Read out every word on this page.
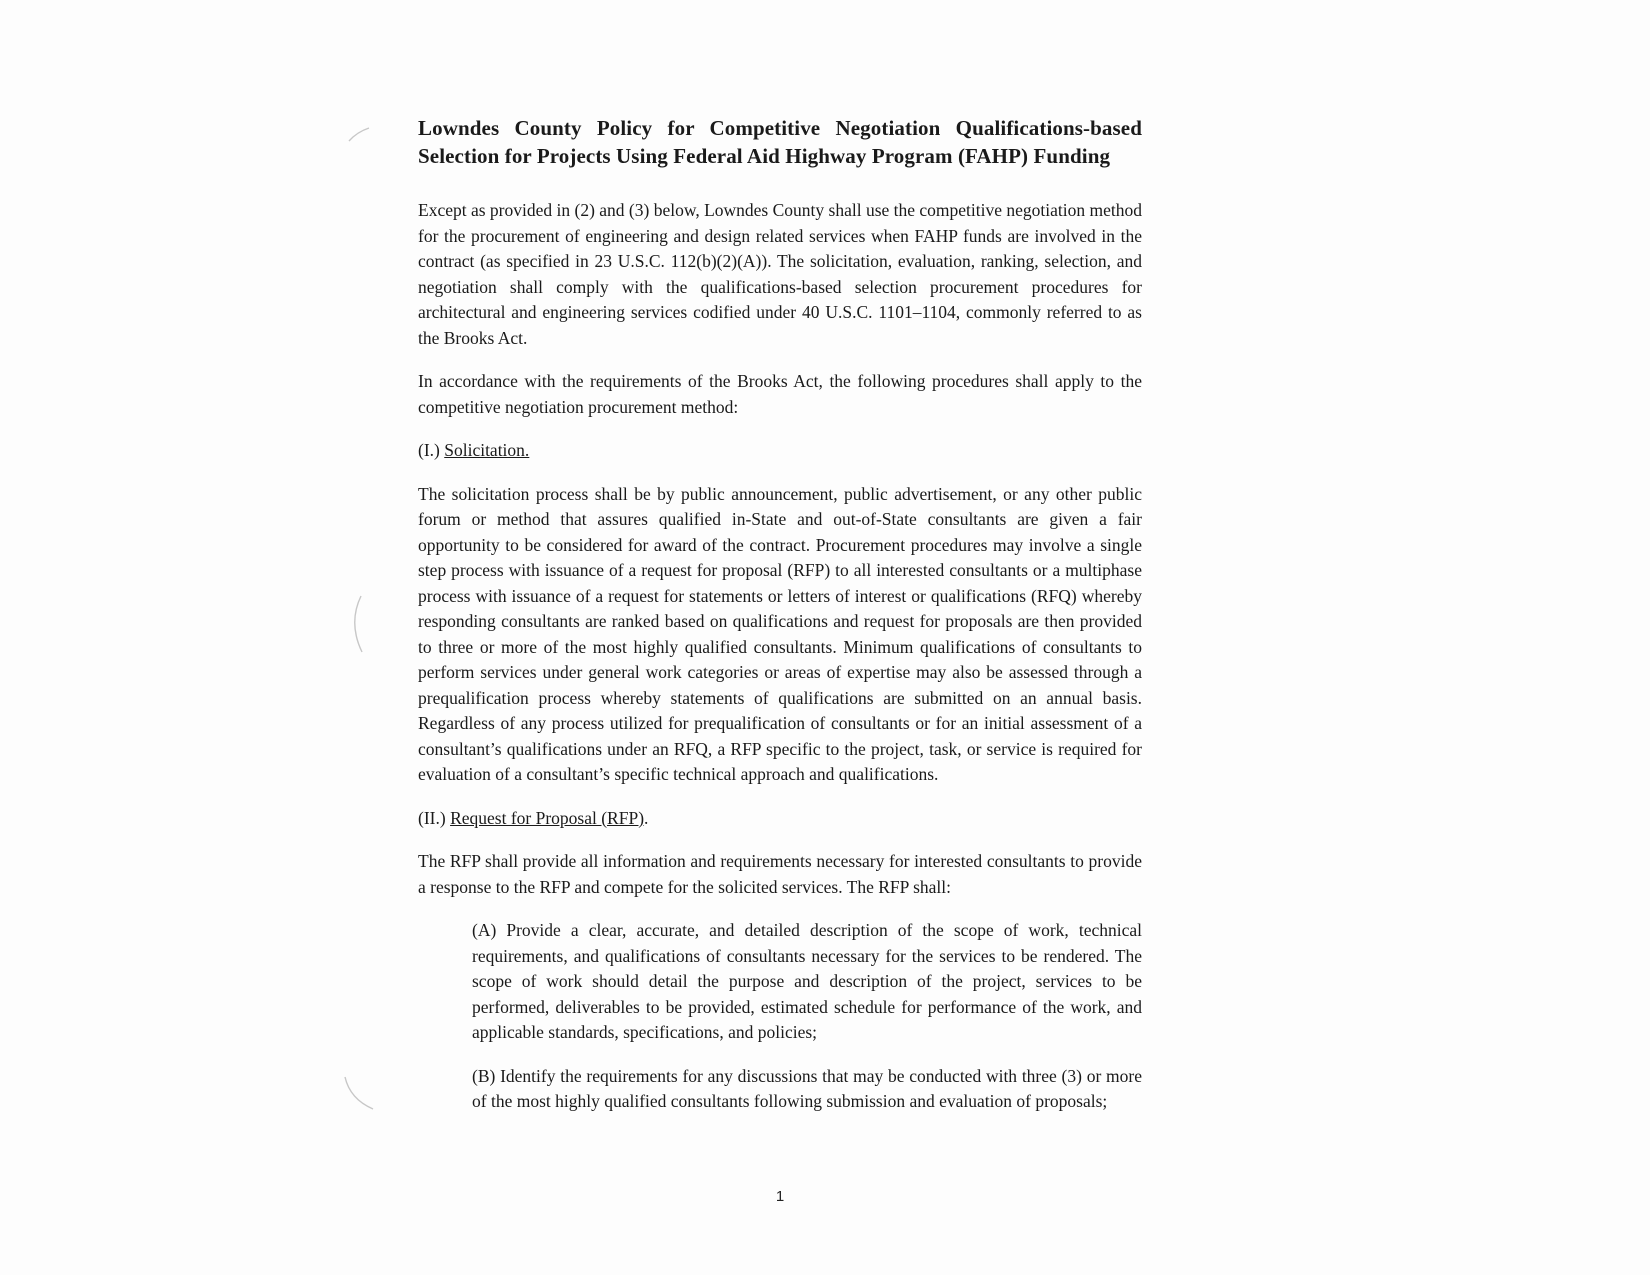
Lowndes County Policy for Competitive Negotiation Qualifications-based Selection for Projects Using Federal Aid Highway Program (FAHP) Funding

Except as provided in (2) and (3) below, Lowndes County shall use the competitive negotiation method for the procurement of engineering and design related services when FAHP funds are involved in the contract (as specified in 23 U.S.C. 112(b)(2)(A)). The solicitation, evaluation, ranking, selection, and negotiation shall comply with the qualifications-based selection procurement procedures for architectural and engineering services codified under 40 U.S.C. 1101–1104, commonly referred to as the Brooks Act.

In accordance with the requirements of the Brooks Act, the following procedures shall apply to the competitive negotiation procurement method:

(I.) Solicitation.

The solicitation process shall be by public announcement, public advertisement, or any other public forum or method that assures qualified in-State and out-of-State consultants are given a fair opportunity to be considered for award of the contract. Procurement procedures may involve a single step process with issuance of a request for proposal (RFP) to all interested consultants or a multiphase process with issuance of a request for statements or letters of interest or qualifications (RFQ) whereby responding consultants are ranked based on qualifications and request for proposals are then provided to three or more of the most highly qualified consultants. Minimum qualifications of consultants to perform services under general work categories or areas of expertise may also be assessed through a prequalification process whereby statements of qualifications are submitted on an annual basis. Regardless of any process utilized for prequalification of consultants or for an initial assessment of a consultant’s qualifications under an RFQ, a RFP specific to the project, task, or service is required for evaluation of a consultant’s specific technical approach and qualifications.

(II.) Request for Proposal (RFP).

The RFP shall provide all information and requirements necessary for interested consultants to provide a response to the RFP and compete for the solicited services. The RFP shall:

(A) Provide a clear, accurate, and detailed description of the scope of work, technical requirements, and qualifications of consultants necessary for the services to be rendered. The scope of work should detail the purpose and description of the project, services to be performed, deliverables to be provided, estimated schedule for performance of the work, and applicable standards, specifications, and policies;

(B) Identify the requirements for any discussions that may be conducted with three (3) or more of the most highly qualified consultants following submission and evaluation of proposals;

1
